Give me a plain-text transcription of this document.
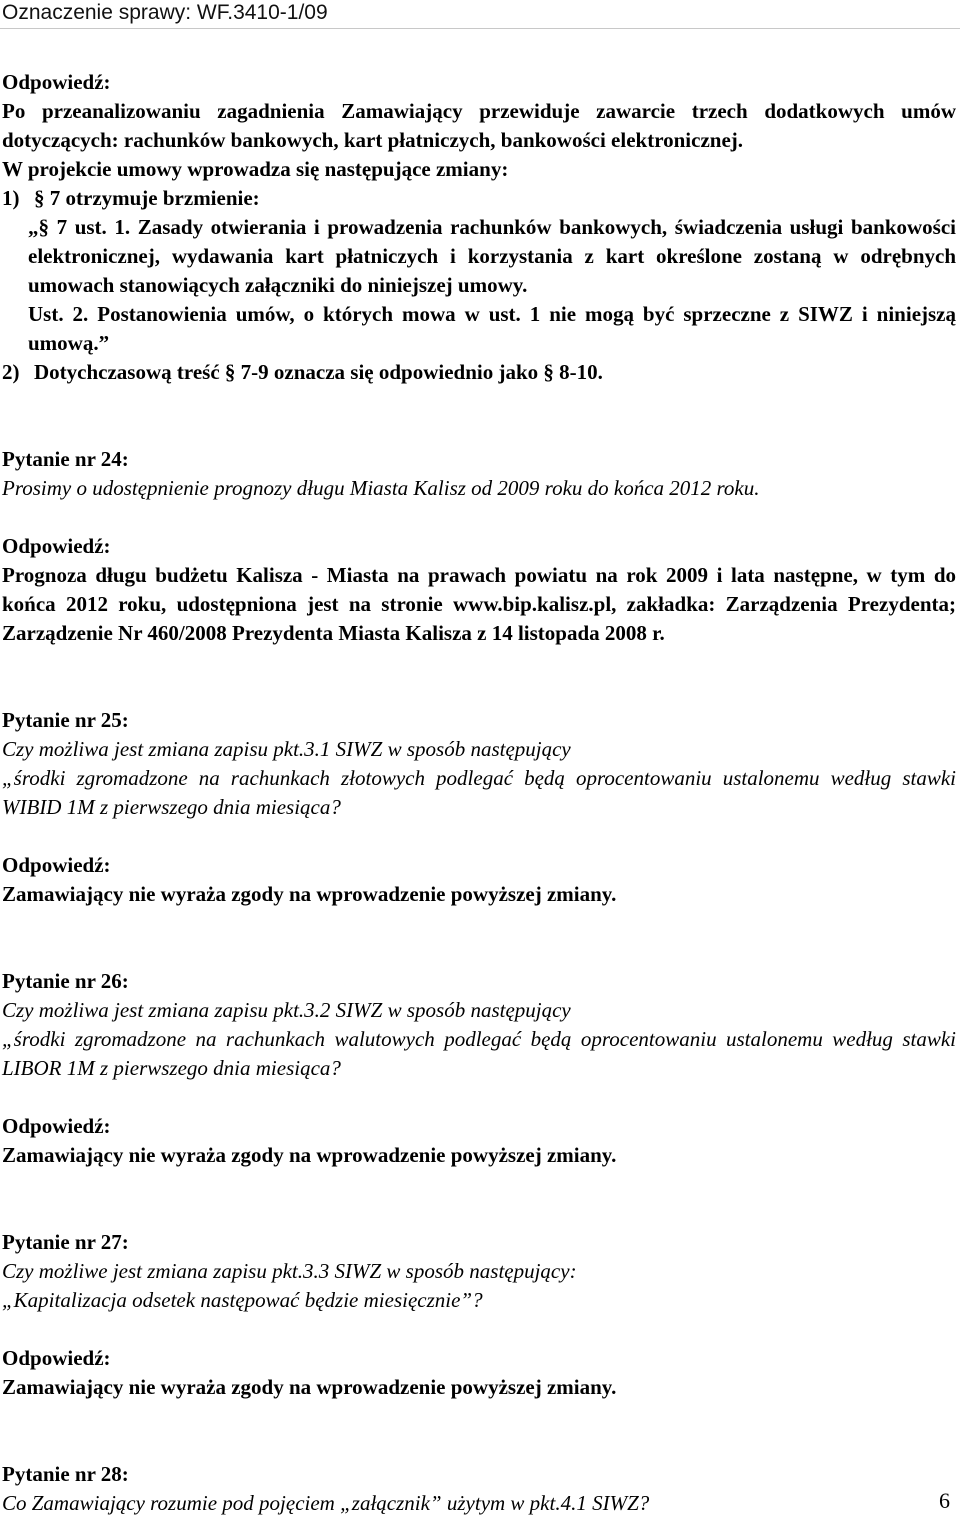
Oznaczenie sprawy: WF.3410-1/09
Odpowiedź:
Po przeanalizowaniu zagadnienia Zamawiający przewiduje zawarcie trzech dodatkowych umów dotyczących: rachunków bankowych, kart płatniczych, bankowości elektronicznej.
W projekcie umowy wprowadza się następujące zmiany:
1) § 7 otrzymuje brzmienie:
„§ 7 ust. 1. Zasady otwierania i prowadzenia rachunków bankowych, świadczenia usługi bankowości elektronicznej, wydawania kart płatniczych i korzystania z kart określone zostaną w odrębnych umowach stanowiących załączniki do niniejszej umowy.
Ust. 2. Postanowienia umów, o których mowa w ust. 1 nie mogą być sprzeczne z SIWZ i niniejszą umową.”
2) Dotychczasową treść § 7-9 oznacza się odpowiednio jako § 8-10.
Pytanie nr 24:
Prosimy o udostępnienie prognozy długu Miasta Kalisz od 2009 roku do końca 2012 roku.
Odpowiedź:
Prognoza długu budżetu Kalisza - Miasta na prawach powiatu na rok 2009 i lata następne, w tym do końca 2012 roku, udostępniona jest na stronie www.bip.kalisz.pl, zakładka: Zarządzenia Prezydenta; Zarządzenie Nr 460/2008 Prezydenta Miasta Kalisza z 14 listopada 2008 r.
Pytanie nr 25:
Czy możliwa jest zmiana zapisu pkt.3.1 SIWZ w sposób następujący
„środki zgromadzone na rachunkach złotowych podlegać będą oprocentowaniu ustalonemu według stawki WIBID 1M z pierwszego dnia miesiąca?
Odpowiedź:
Zamawiający nie wyraża zgody na wprowadzenie powyższej zmiany.
Pytanie nr 26:
Czy możliwa jest zmiana zapisu pkt.3.2 SIWZ w sposób następujący
„środki zgromadzone na rachunkach walutowych podlegać będą oprocentowaniu ustalonemu według stawki LIBOR 1M z pierwszego dnia miesiąca?
Odpowiedź:
Zamawiający nie wyraża zgody na wprowadzenie powyższej zmiany.
Pytanie nr 27:
Czy możliwe jest zmiana zapisu pkt.3.3 SIWZ w sposób następujący:
„Kapitalizacja odsetek następować będzie miesięcznie”?
Odpowiedź:
Zamawiający nie wyraża zgody na wprowadzenie powyższej zmiany.
Pytanie nr 28:
Co Zamawiający rozumie pod pojęciem „załącznik” użytym w pkt.4.1 SIWZ?	6
